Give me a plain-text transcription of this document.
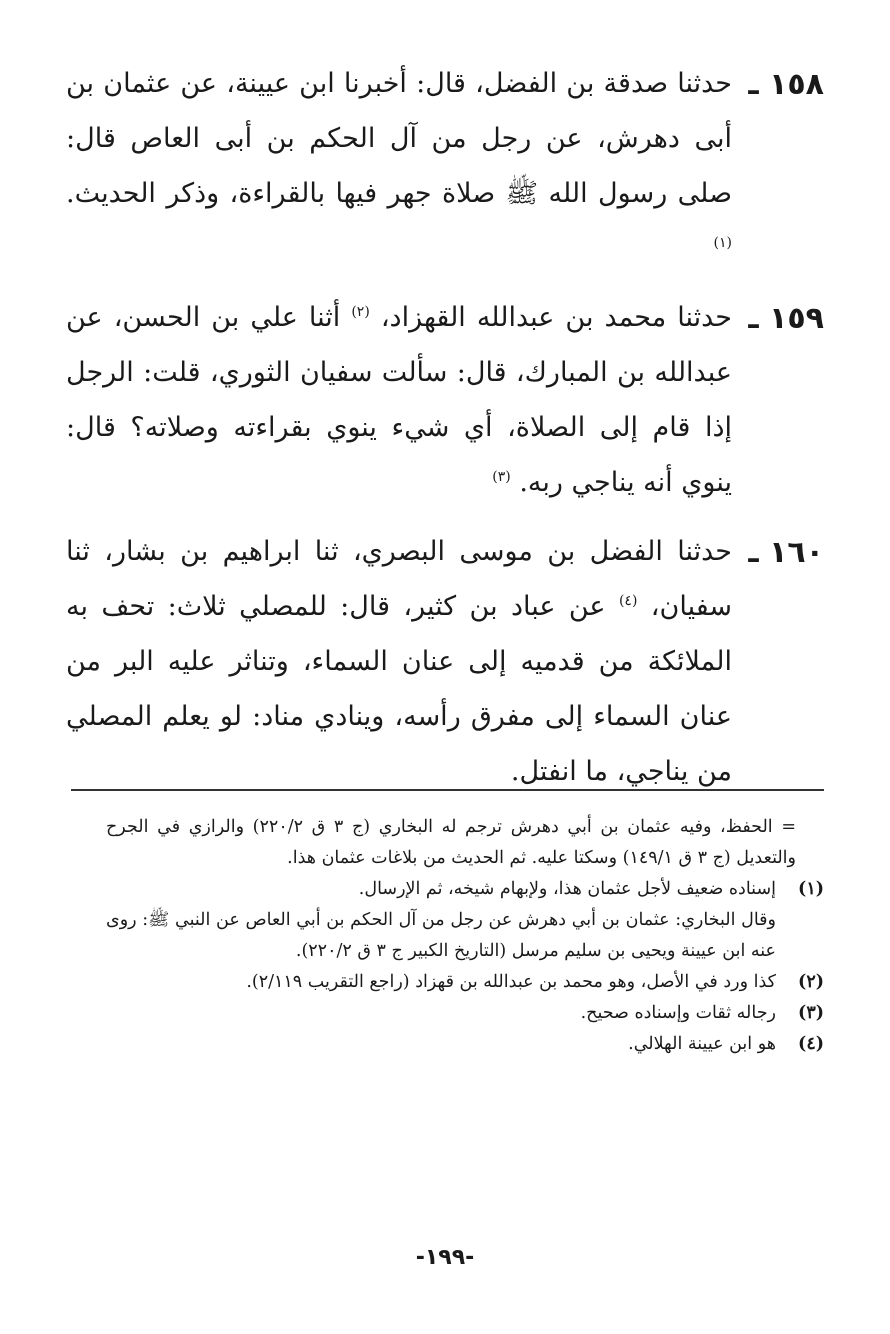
١٥٨ ـ
حدثنا صدقة بن الفضل، قال: أخبرنا ابن عيينة، عن عثمان بن أبى دهرش، عن رجل من آل الحكم بن أبى العاص قال: صلى رسول الله ﷺ صلاة جهر فيها بالقراءة، وذكر الحديث. $^{(١)}$
١٥٩ ـ
حدثنا محمد بن عبدالله القهزاد، $^{(٢)}$ أثنا علي بن الحسن، عن عبدالله بن المبارك، قال: سألت سفيان الثوري، قلت: الرجل إذا قام إلى الصلاة، أي شيء ينوي بقراءته وصلاته؟ قال: ينوي أنه يناجي ربه. $^{(٣)}$
١٦٠ ـ
حدثنا الفضل بن موسى البصري، ثنا ابراهيم بن بشار، ثنا سفيان، $^{(٤)}$ عن عباد بن كثير، قال: للمصلي ثلاث: تحف به الملائكة من قدميه إلى عنان السماء، وتناثر عليه البر من عنان السماء إلى مفرق رأسه، وينادي مناد: لو يعلم المصلي من يناجي، ما انفتل.
= الحفظ، وفيه عثمان بن أبي دهرش ترجم له البخاري (ج ٣ ق ٢٢٠/٢) والرازي في الجرح والتعديل (ج ٣ ق ١٤٩/١) وسكتا عليه. ثم الحديث من بلاغات عثمان هذا.
(١)
إسناده ضعيف لأجل عثمان هذا، ولإبهام شيخه، ثم الإرسال.
وقال البخاري: عثمان بن أبي دهرش عن رجل من آل الحكم بن أبي العاص عن النبي ﷺ: روى عنه ابن عيينة ويحيى بن سليم مرسل (التاريخ الكبير ج ٣ ق ٢٢٠/٢).
(٢)
كذا ورد في الأصل، وهو محمد بن عبدالله بن قهزاد (راجع التقريب ٢/١١٩).
(٣)
رجاله ثقات وإسناده صحيح.
(٤)
هو ابن عيينة الهلالي.
-١٩٩-
